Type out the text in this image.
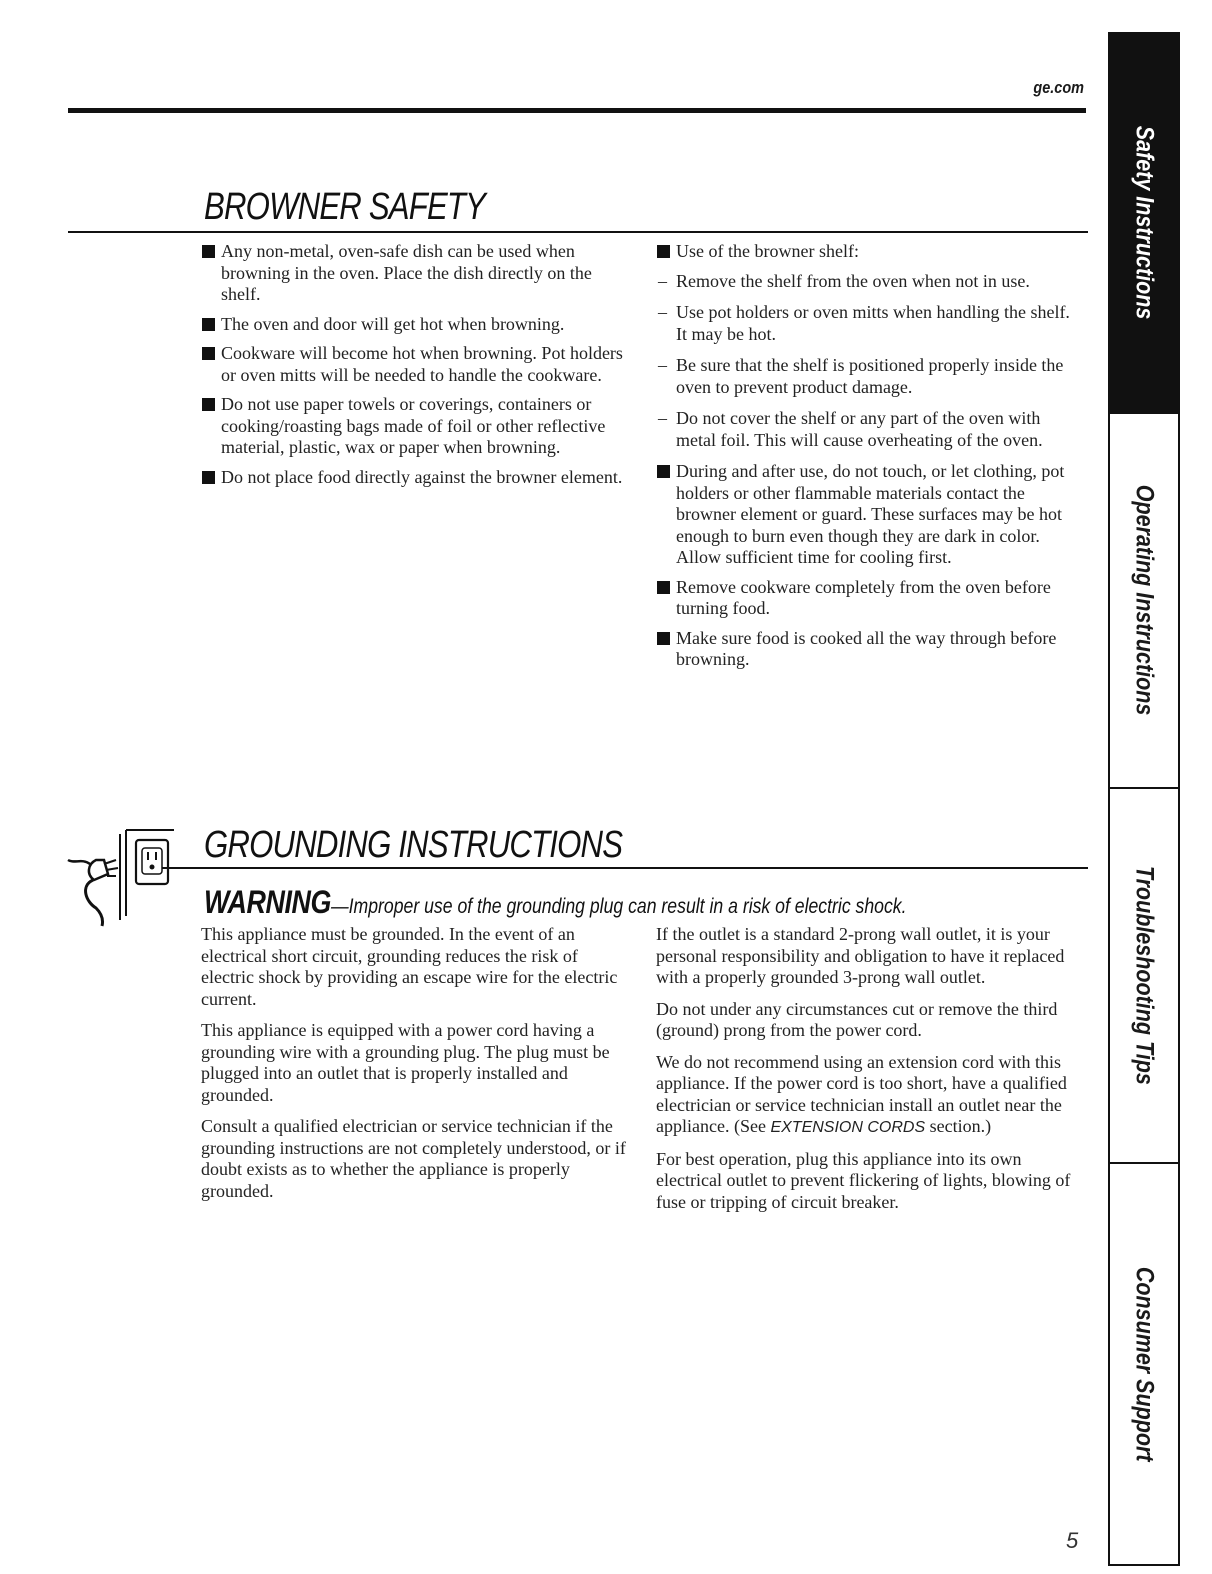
ge.com
BROWNER SAFETY
Any non-metal, oven-safe dish can be used when browning in the oven. Place the dish directly on the shelf.
The oven and door will get hot when browning.
Cookware will become hot when browning. Pot holders or oven mitts will be needed to handle the cookware.
Do not use paper towels or coverings, containers or cooking/roasting bags made of foil or other reflective material, plastic, wax or paper when browning.
Do not place food directly against the browner element.
Use of the browner shelf:
– Remove the shelf from the oven when not in use.
– Use pot holders or oven mitts when handling the shelf. It may be hot.
– Be sure that the shelf is positioned properly inside the oven to prevent product damage.
– Do not cover the shelf or any part of the oven with metal foil. This will cause overheating of the oven.
During and after use, do not touch, or let clothing, pot holders or other flammable materials contact the browner element or guard. These surfaces may be hot enough to burn even though they are dark in color. Allow sufficient time for cooling first.
Remove cookware completely from the oven before turning food.
Make sure food is cooked all the way through before browning.
GROUNDING INSTRUCTIONS
WARNING—Improper use of the grounding plug can result in a risk of electric shock.

This appliance must be grounded. In the event of an electrical short circuit, grounding reduces the risk of electric shock by providing an escape wire for the electric current.

This appliance is equipped with a power cord having a grounding wire with a grounding plug. The plug must be plugged into an outlet that is properly installed and grounded.

Consult a qualified electrician or service technician if the grounding instructions are not completely understood, or if doubt exists as to whether the appliance is properly grounded.

If the outlet is a standard 2-prong wall outlet, it is your personal responsibility and obligation to have it replaced with a properly grounded 3-prong wall outlet.

Do not under any circumstances cut or remove the third (ground) prong from the power cord.

We do not recommend using an extension cord with this appliance. If the power cord is too short, have a qualified electrician or service technician install an outlet near the appliance. (See EXTENSION CORDS section.)

For best operation, plug this appliance into its own electrical outlet to prevent flickering of lights, blowing of fuse or tripping of circuit breaker.

Safety Instructions
Operating Instructions
Troubleshooting Tips
Consumer Support
5
